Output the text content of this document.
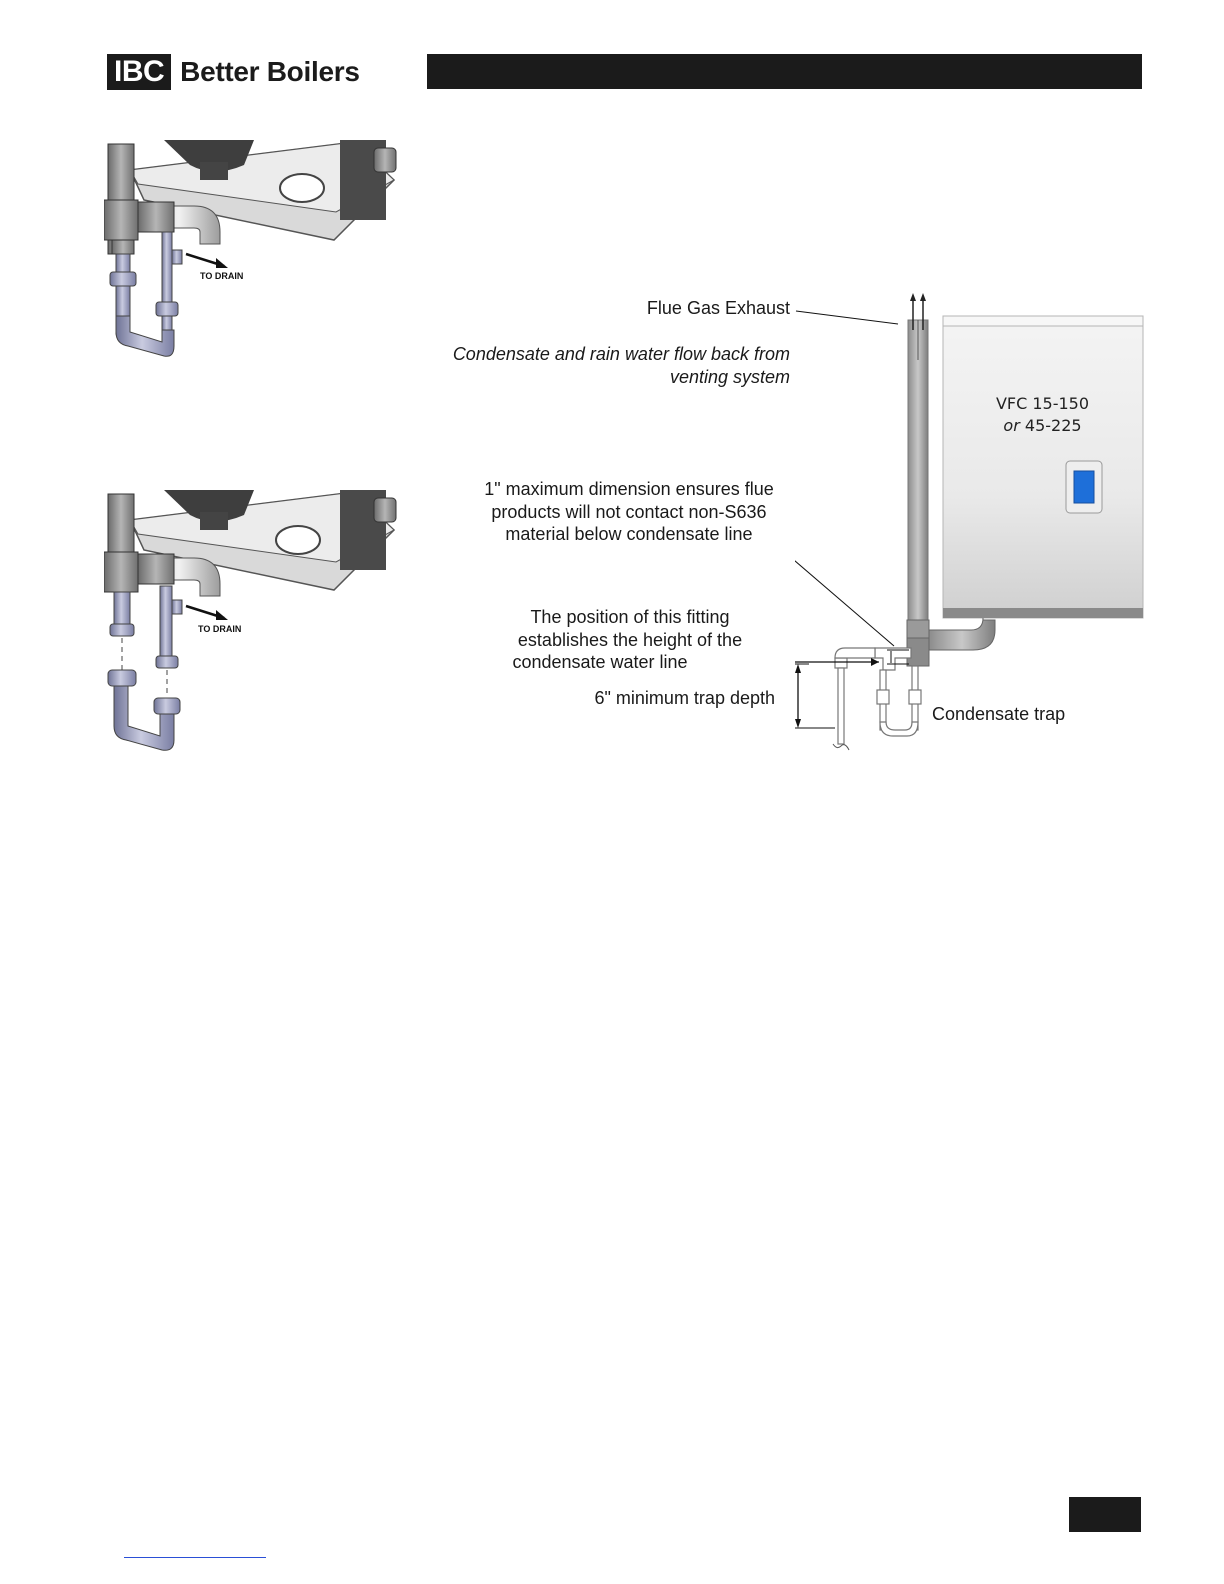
IBC Better Boilers
TO DRAIN
TO DRAIN
Flue Gas Exhaust
Condensate and rain water flow back from
venting system
VFC 15-150
or 45-225
1" maximum dimension ensures flue
products will not contact non-S636
material below condensate line
The position of this fitting
establishes the height of the
condensate water line
6" minimum trap depth
Condensate trap
